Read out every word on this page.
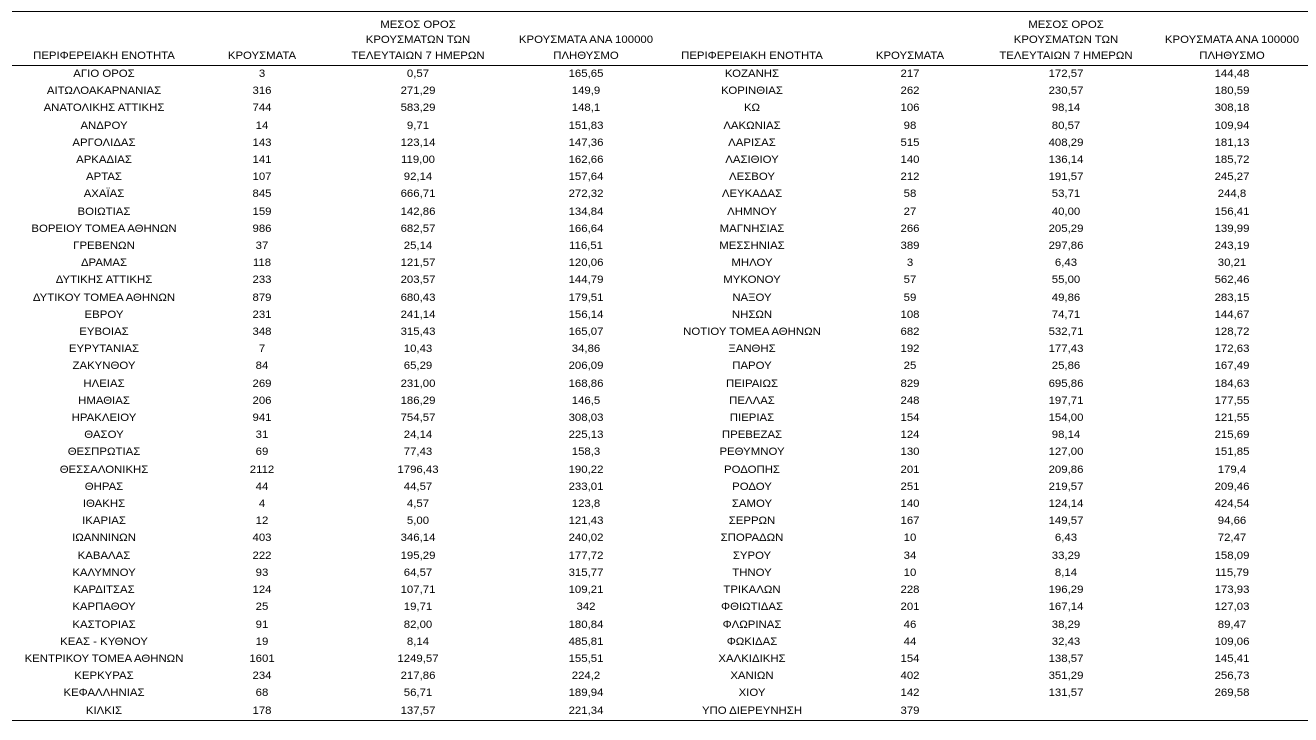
ΠΕΡΙΦΕΡΕΙΑΚΗ ΕΝΟΤΗΤΑ	ΚΡΟΥΣΜΑΤΑ	ΜΕΣΟΣ ΟΡΟΣ ΚΡΟΥΣΜΑΤΩΝ ΤΩΝ ΤΕΛΕΥΤΑΙΩΝ 7 ΗΜΕΡΩΝ	ΚΡΟΥΣΜΑΤΑ ΑΝΑ 100000 ΠΛΗΘΥΣΜΟ

ΑΓΙΟ ΟΡΟΣ	3	0,57	165,65
ΑΙΤΩΛΟΑΚΑΡΝΑΝΙΑΣ	316	271,29	149,9
ΑΝΑΤΟΛΙΚΗΣ ΑΤΤΙΚΗΣ	744	583,29	148,1
ΑΝΔΡΟΥ	14	9,71	151,83
ΑΡΓΟΛΙΔΑΣ	143	123,14	147,36
ΑΡΚΑΔΙΑΣ	141	119,00	162,66
ΑΡΤΑΣ	107	92,14	157,64
ΑΧΑΪΑΣ	845	666,71	272,32
ΒΟΙΩΤΙΑΣ	159	142,86	134,84
ΒΟΡΕΙΟΥ ΤΟΜΕΑ ΑΘΗΝΩΝ	986	682,57	166,64
ΓΡΕΒΕΝΩΝ	37	25,14	116,51
ΔΡΑΜΑΣ	118	121,57	120,06
ΔΥΤΙΚΗΣ ΑΤΤΙΚΗΣ	233	203,57	144,79
ΔΥΤΙΚΟΥ ΤΟΜΕΑ ΑΘΗΝΩΝ	879	680,43	179,51
ΕΒΡΟΥ	231	241,14	156,14
ΕΥΒΟΙΑΣ	348	315,43	165,07
ΕΥΡΥΤΑΝΙΑΣ	7	10,43	34,86
ΖΑΚΥΝΘΟΥ	84	65,29	206,09
ΗΛΕΙΑΣ	269	231,00	168,86
ΗΜΑΘΙΑΣ	206	186,29	146,5
ΗΡΑΚΛΕΙΟΥ	941	754,57	308,03
ΘΑΣΟΥ	31	24,14	225,13
ΘΕΣΠΡΩΤΙΑΣ	69	77,43	158,3
ΘΕΣΣΑΛΟΝΙΚΗΣ	2112	1796,43	190,22
ΘΗΡΑΣ	44	44,57	233,01
ΙΘΑΚΗΣ	4	4,57	123,8
ΙΚΑΡΙΑΣ	12	5,00	121,43
ΙΩΑΝΝΙΝΩΝ	403	346,14	240,02
ΚΑΒΑΛΑΣ	222	195,29	177,72
ΚΑΛΥΜΝΟΥ	93	64,57	315,77
ΚΑΡΔΙΤΣΑΣ	124	107,71	109,21
ΚΑΡΠΑΘΟΥ	25	19,71	342
ΚΑΣΤΟΡΙΑΣ	91	82,00	180,84
ΚΕΑΣ - ΚΥΘΝΟΥ	19	8,14	485,81
ΚΕΝΤΡΙΚΟΥ ΤΟΜΕΑ ΑΘΗΝΩΝ	1601	1249,57	155,51
ΚΕΡΚΥΡΑΣ	234	217,86	224,2
ΚΕΦΑΛΛΗΝΙΑΣ	68	56,71	189,94
ΚΙΛΚΙΣ	178	137,57	221,34
ΠΕΡΙΦΕΡΕΙΑΚΗ ΕΝΟΤΗΤΑ	ΚΡΟΥΣΜΑΤΑ	ΜΕΣΟΣ ΟΡΟΣ ΚΡΟΥΣΜΑΤΩΝ ΤΩΝ ΤΕΛΕΥΤΑΙΩΝ 7 ΗΜΕΡΩΝ	ΚΡΟΥΣΜΑΤΑ ΑΝΑ 100000 ΠΛΗΘΥΣΜΟ

ΚΟΖΑΝΗΣ	217	172,57	144,48
ΚΟΡΙΝΘΙΑΣ	262	230,57	180,59
ΚΩ	106	98,14	308,18
ΛΑΚΩΝΙΑΣ	98	80,57	109,94
ΛΑΡΙΣΑΣ	515	408,29	181,13
ΛΑΣΙΘΙΟΥ	140	136,14	185,72
ΛΕΣΒΟΥ	212	191,57	245,27
ΛΕΥΚΑΔΑΣ	58	53,71	244,8
ΛΗΜΝΟΥ	27	40,00	156,41
ΜΑΓΝΗΣΙΑΣ	266	205,29	139,99
ΜΕΣΣΗΝΙΑΣ	389	297,86	243,19
ΜΗΛΟΥ	3	6,43	30,21
ΜΥΚΟΝΟΥ	57	55,00	562,46
ΝΑΞΟΥ	59	49,86	283,15
ΝΗΣΩΝ	108	74,71	144,67
ΝΟΤΙΟΥ ΤΟΜΕΑ ΑΘΗΝΩΝ	682	532,71	128,72
ΞΑΝΘΗΣ	192	177,43	172,63
ΠΑΡΟΥ	25	25,86	167,49
ΠΕΙΡΑΙΩΣ	829	695,86	184,63
ΠΕΛΛΑΣ	248	197,71	177,55
ΠΙΕΡΙΑΣ	154	154,00	121,55
ΠΡΕΒΕΖΑΣ	124	98,14	215,69
ΡΕΘΥΜΝΟΥ	130	127,00	151,85
ΡΟΔΟΠΗΣ	201	209,86	179,4
ΡΟΔΟΥ	251	219,57	209,46
ΣΑΜΟΥ	140	124,14	424,54
ΣΕΡΡΩΝ	167	149,57	94,66
ΣΠΟΡΑΔΩΝ	10	6,43	72,47
ΣΥΡΟΥ	34	33,29	158,09
ΤΗΝΟΥ	10	8,14	115,79
ΤΡΙΚΑΛΩΝ	228	196,29	173,93
ΦΘΙΩΤΙΔΑΣ	201	167,14	127,03
ΦΛΩΡΙΝΑΣ	46	38,29	89,47
ΦΩΚΙΔΑΣ	44	32,43	109,06
ΧΑΛΚΙΔΙΚΗΣ	154	138,57	145,41
ΧΑΝΙΩΝ	402	351,29	256,73
ΧΙΟΥ	142	131,57	269,58
ΥΠΟ ΔΙΕΡΕΥΝΗΣΗ	379		
